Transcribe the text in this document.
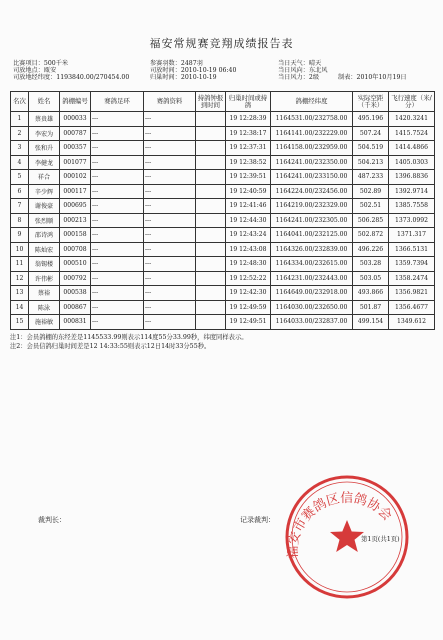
福安常规赛竞翔成绩报告表
比赛项目：500千米
司放地点：瓯安
司放地经纬度：1193840.00/270454.00
参赛羽数：2487羽
司放时间：2010-10-19 06:40
归巢时间：2010-10-19
当日天气：晴天
当日风向：东北风
当日风力：2级	制表：2010年10月19日
名次	姓名	鸽棚编号	赛鸽足环	赛鸽资料	持鸽钟报到时间	归巢时间或持鸽	鸽棚经纬度	实际空距（千米）	飞行速度（米/分）
1	蔡贵雄	000033	---	---		19 12:28:39	1164531.00/232758.00	495.196	1420.3241
2	李宏为	000787	---	---		19 12:38:17	1164141.00/232229.00	507.24	1415.7524
3	张和升	000357	---	---		19 12:37:31	1164158.00/232959.00	504.519	1414.4866
4	李健龙	001077	---	---		19 12:38:52	1164241.00/232350.00	504.213	1405.0303
5	祥合	000102	---	---		19 12:39:51	1164241.00/233150.00	487.233	1396.8836
6	辛少辉	000117	---	---		19 12:40:59	1164224.00/232456.00	502.89	1392.9714
7	谢俊豪	000695	---	---		19 12:41:46	1164219.00/232329.00	502.51	1385.7558
8	张烈顺	000213	---	---		19 12:44:30	1164241.00/232305.00	506.285	1373.0992
9	邵诗鸿	000158	---	---		19 12:43:24	1164041.00/232125.00	502.872	1371.317
10	陈灿宏	000708	---	---		19 12:43:08	1164326.00/232839.00	496.226	1366.5131
11	翁锡楼	000510	---	---		19 12:48:30	1164334.00/232615.00	503.28	1359.7394
12	许伟彬	000792	---	---		19 12:52:22	1164231.00/232443.00	503.05	1358.2474
13	蔡裕	000538	---	---		19 12:42:30	1164649.00/232918.00	493.866	1356.9821
14	陈泳	000867	---	---		19 12:49:59	1164030.00/232650.00	501.87	1356.4677
15	施裕敏	000831	---	---		19 12:49:51	1164033.00/232837.00	499.154	1349.612
注1：会员鸽棚的东经差是1145533.99则表示114度55分33.99秒，纬度同样表示。
注2：会员信鸽归巢时间差是12 14:33:55则表示12日14时33分55秒。
裁判长：	记录裁判：
第1页(共1页)
福安市赛鸽区信鸽协会
